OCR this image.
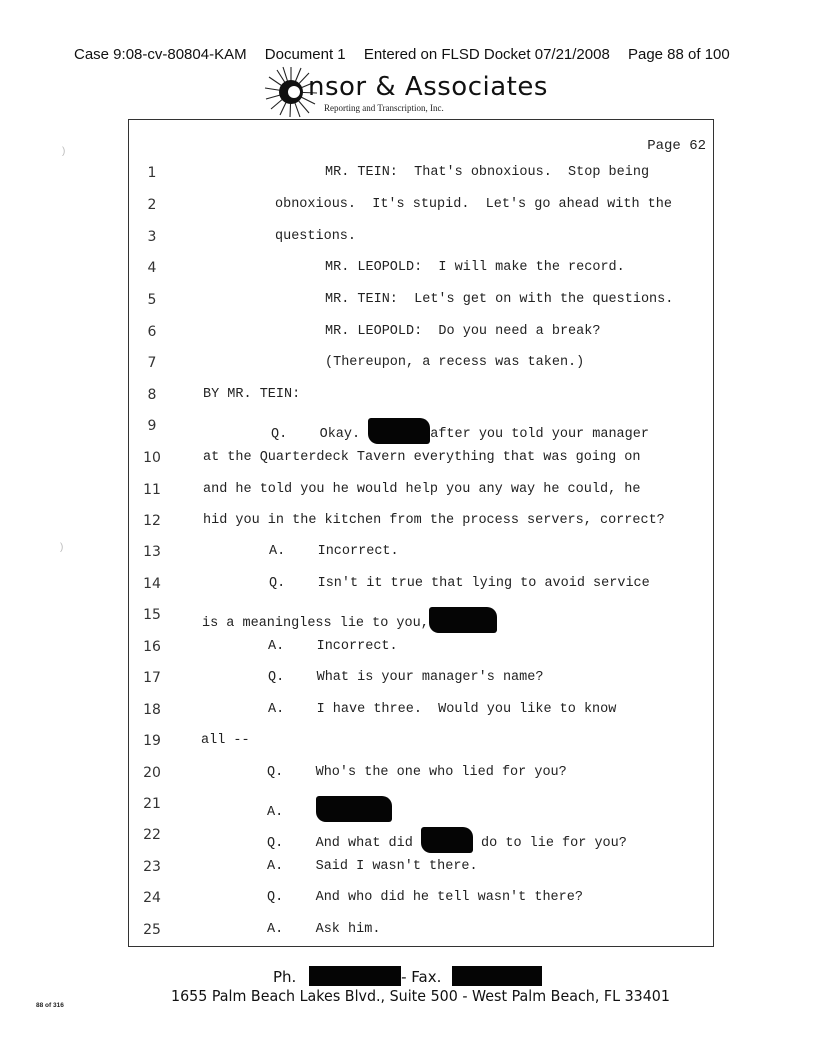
Case 9:08-cv-80804-KAM Document 1 Entered on FLSD Docket 07/21/2008 Page 88 of 100
nsor & Associates
Reporting and Transcription, Inc.
Page 62
1	MR. TEIN:  That's obnoxious.  Stop being
2	obnoxious.  It's stupid.  Let's go ahead with the
3	questions.
4	MR. LEOPOLD:  I will make the record.
5	MR. TEIN:  Let's get on with the questions.
6	MR. LEOPOLD:  Do you need a break?
7	(Thereupon, a recess was taken.)
8	BY MR. TEIN:
9
Q.    Okay.	after you told your manager
10	at the Quarterdeck Tavern everything that was going on
11	and he told you he would help you any way he could, he
12	hid you in the kitchen from the process servers, correct?
13	A.    Incorrect.
14	Q.    Isn't it true that lying to avoid service
15
is a meaningless lie to you,
16	A.    Incorrect.
17	Q.    What is your manager's name?
18	A.    I have three.  Would you like to know
19	all --
20	Q.    Who's the one who lied for you?
21
A.
22
Q.    And what did	do to lie for you?
23	A.    Said I wasn't there.
24	Q.    And who did he tell wasn't there?
25	A.    Ask him.
Ph.	- Fax.
1655 Palm Beach Lakes Blvd., Suite 500 - West Palm Beach, FL 33401
88 of 316
)
)
